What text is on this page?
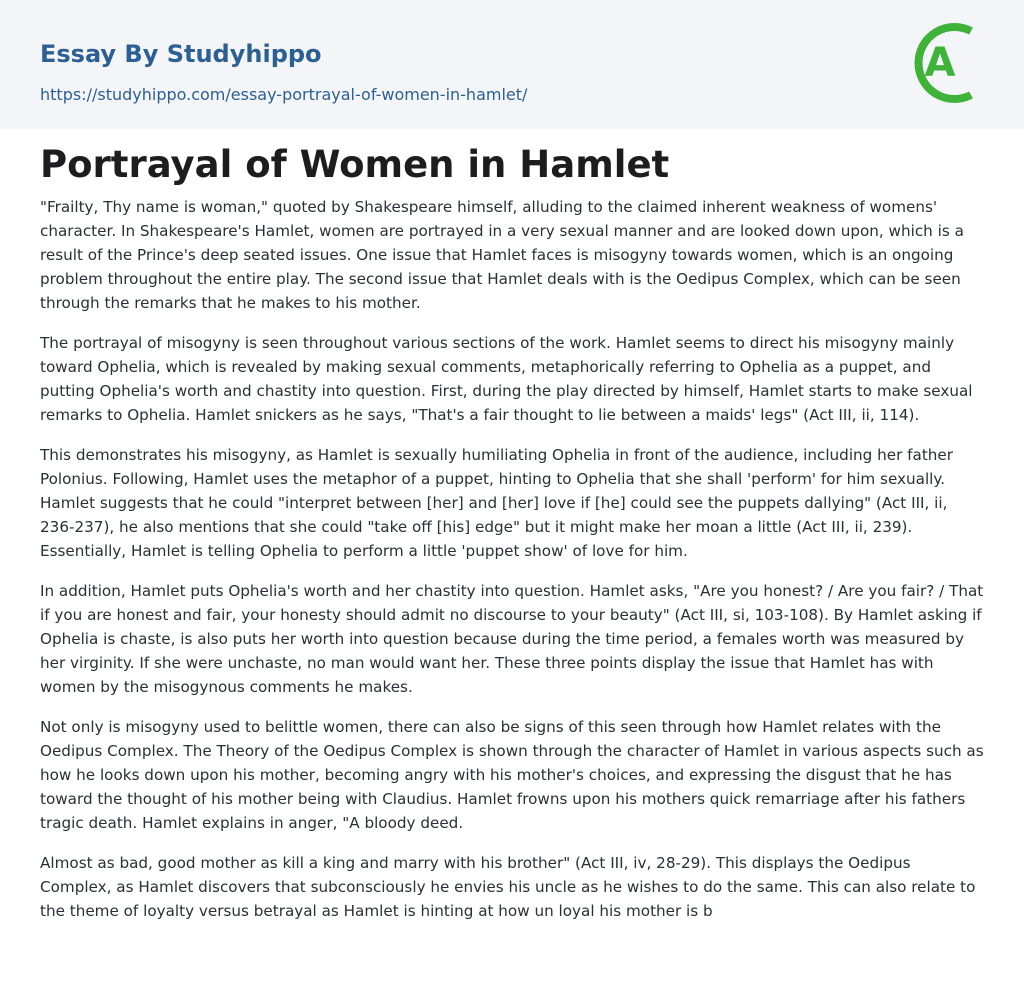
Essay By Studyhippo
https://studyhippo.com/essay-portrayal-of-women-in-hamlet/
A
Portrayal of Women in Hamlet

"Frailty, Thy name is woman," quoted by Shakespeare himself, alluding to the claimed inherent weakness of womens' character. In Shakespeare's Hamlet, women are portrayed in a very sexual manner and are looked down upon, which is a result of the Prince's deep seated issues. One issue that Hamlet faces is misogyny towards women, which is an ongoing problem throughout the entire play. The second issue that Hamlet deals with is the Oedipus Complex, which can be seen through the remarks that he makes to his mother.

The portrayal of misogyny is seen throughout various sections of the work. Hamlet seems to direct his misogyny mainly toward Ophelia, which is revealed by making sexual comments, metaphorically referring to Ophelia as a puppet, and putting Ophelia's worth and chastity into question. First, during the play directed by himself, Hamlet starts to make sexual remarks to Ophelia. Hamlet snickers as he says, "That's a fair thought to lie between a maids' legs" (Act III, ii, 114).

This demonstrates his misogyny, as Hamlet is sexually humiliating Ophelia in front of the audience, including her father Polonius. Following, Hamlet uses the metaphor of a puppet, hinting to Ophelia that she shall 'perform' for him sexually. Hamlet suggests that he could "interpret between [her] and [her] love if [he] could see the puppets dallying" (Act III, ii, 236-237), he also mentions that she could "take off [his] edge" but it might make her moan a little (Act III, ii, 239). Essentially, Hamlet is telling Ophelia to perform a little 'puppet show' of love for him.

In addition, Hamlet puts Ophelia's worth and her chastity into question. Hamlet asks, "Are you honest? / Are you fair? / That if you are honest and fair, your honesty should admit no discourse to your beauty" (Act III, si, 103-108). By Hamlet asking if Ophelia is chaste, is also puts her worth into question because during the time period, a females worth was measured by her virginity. If she were unchaste, no man would want her. These three points display the issue that Hamlet has with women by the misogynous comments he makes.

Not only is misogyny used to belittle women, there can also be signs of this seen through how Hamlet relates with the Oedipus Complex. The Theory of the Oedipus Complex is shown through the character of Hamlet in various aspects such as how he looks down upon his mother, becoming angry with his mother's choices, and expressing the disgust that he has toward the thought of his mother being with Claudius. Hamlet frowns upon his mothers quick remarriage after his fathers tragic death. Hamlet explains in anger, "A bloody deed.

Almost as bad, good mother as kill a king and marry with his brother" (Act III, iv, 28-29). This displays the Oedipus Complex, as Hamlet discovers that subconsciously he envies his uncle as he wishes to do the same. This can also relate to the theme of loyalty versus betrayal as Hamlet is hinting at how un loyal his mother is b
